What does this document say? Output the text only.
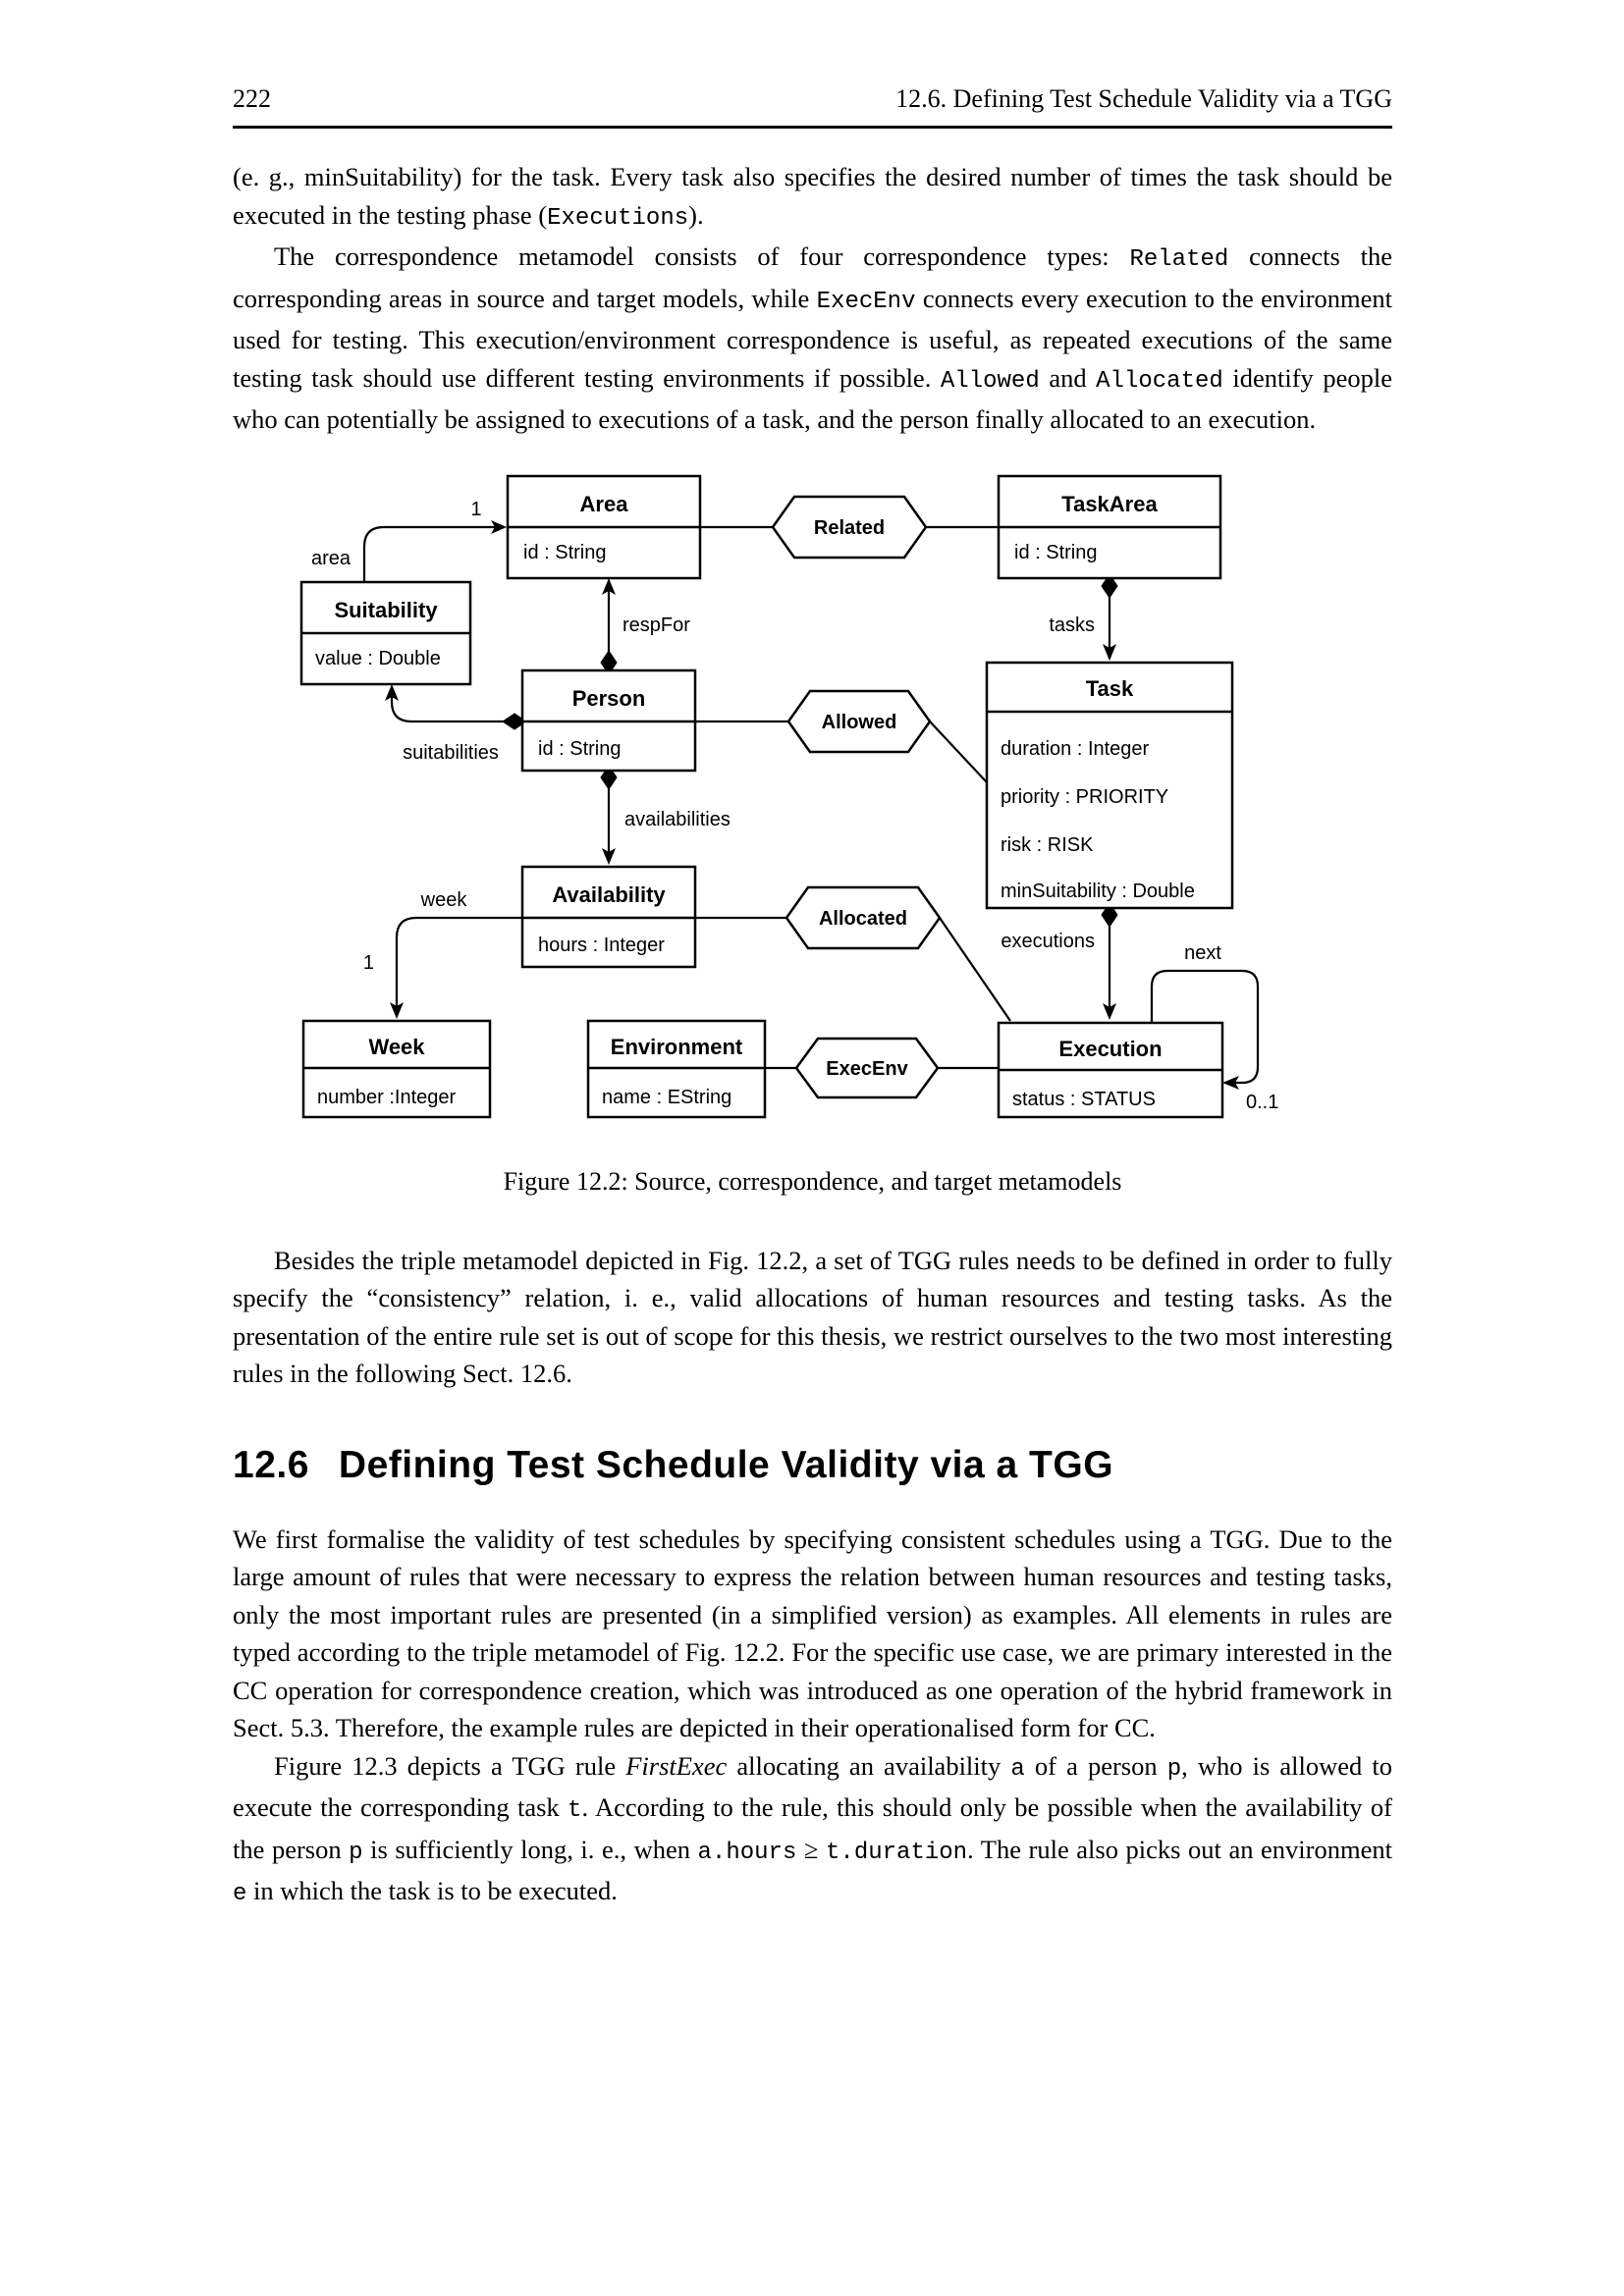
222	12.6. Defining Test Schedule Validity via a TGG

(e. g., minSuitability) for the task. Every task also specifies the desired number of times the task should be executed in the testing phase (Executions).

The correspondence metamodel consists of four correspondence types: Related connects the corresponding areas in source and target models, while ExecEnv connects every execution to the environment used for testing. This execution/environment correspondence is useful, as repeated executions of the same testing task should use different testing environments if possible. Allowed and Allocated identify people who can potentially be assigned to executions of a task, and the person finally allocated to an execution.

1
area
respFor	tasks
suitabilities
availabilities
week
1
executions
next
0..1
Area
id : String
TaskArea
id : String
Suitability
value : Double
Person
id : String
Task
duration : Integer
priority : PRIORITY
risk : RISK
minSuitability : Double
Availability
hours : Integer
Week
number :Integer
Environment
name : EString
Execution
status : STATUS
Related
Allowed
Allocated
ExecEnv
Figure 12.2: Source, correspondence, and target metamodels

Besides the triple metamodel depicted in Fig. 12.2, a set of TGG rules needs to be defined in order to fully specify the “consistency” relation, i. e., valid allocations of human resources and testing tasks. As the presentation of the entire rule set is out of scope for this thesis, we restrict ourselves to the two most interesting rules in the following Sect. 12.6.

12.6 Defining Test Schedule Validity via a TGG

We first formalise the validity of test schedules by specifying consistent schedules using a TGG. Due to the large amount of rules that were necessary to express the relation between human resources and testing tasks, only the most important rules are presented (in a simplified version) as examples. All elements in rules are typed according to the triple metamodel of Fig. 12.2. For the specific use case, we are primary interested in the CC operation for correspondence creation, which was introduced as one operation of the hybrid framework in Sect. 5.3. Therefore, the example rules are depicted in their operationalised form for CC.

Figure 12.3 depicts a TGG rule FirstExec allocating an availability a of a person p, who is allowed to execute the corresponding task t. According to the rule, this should only be possible when the availability of the person p is sufficiently long, i. e., when a.hours ≥ t.duration. The rule also picks out an environment e in which the task is to be executed.
